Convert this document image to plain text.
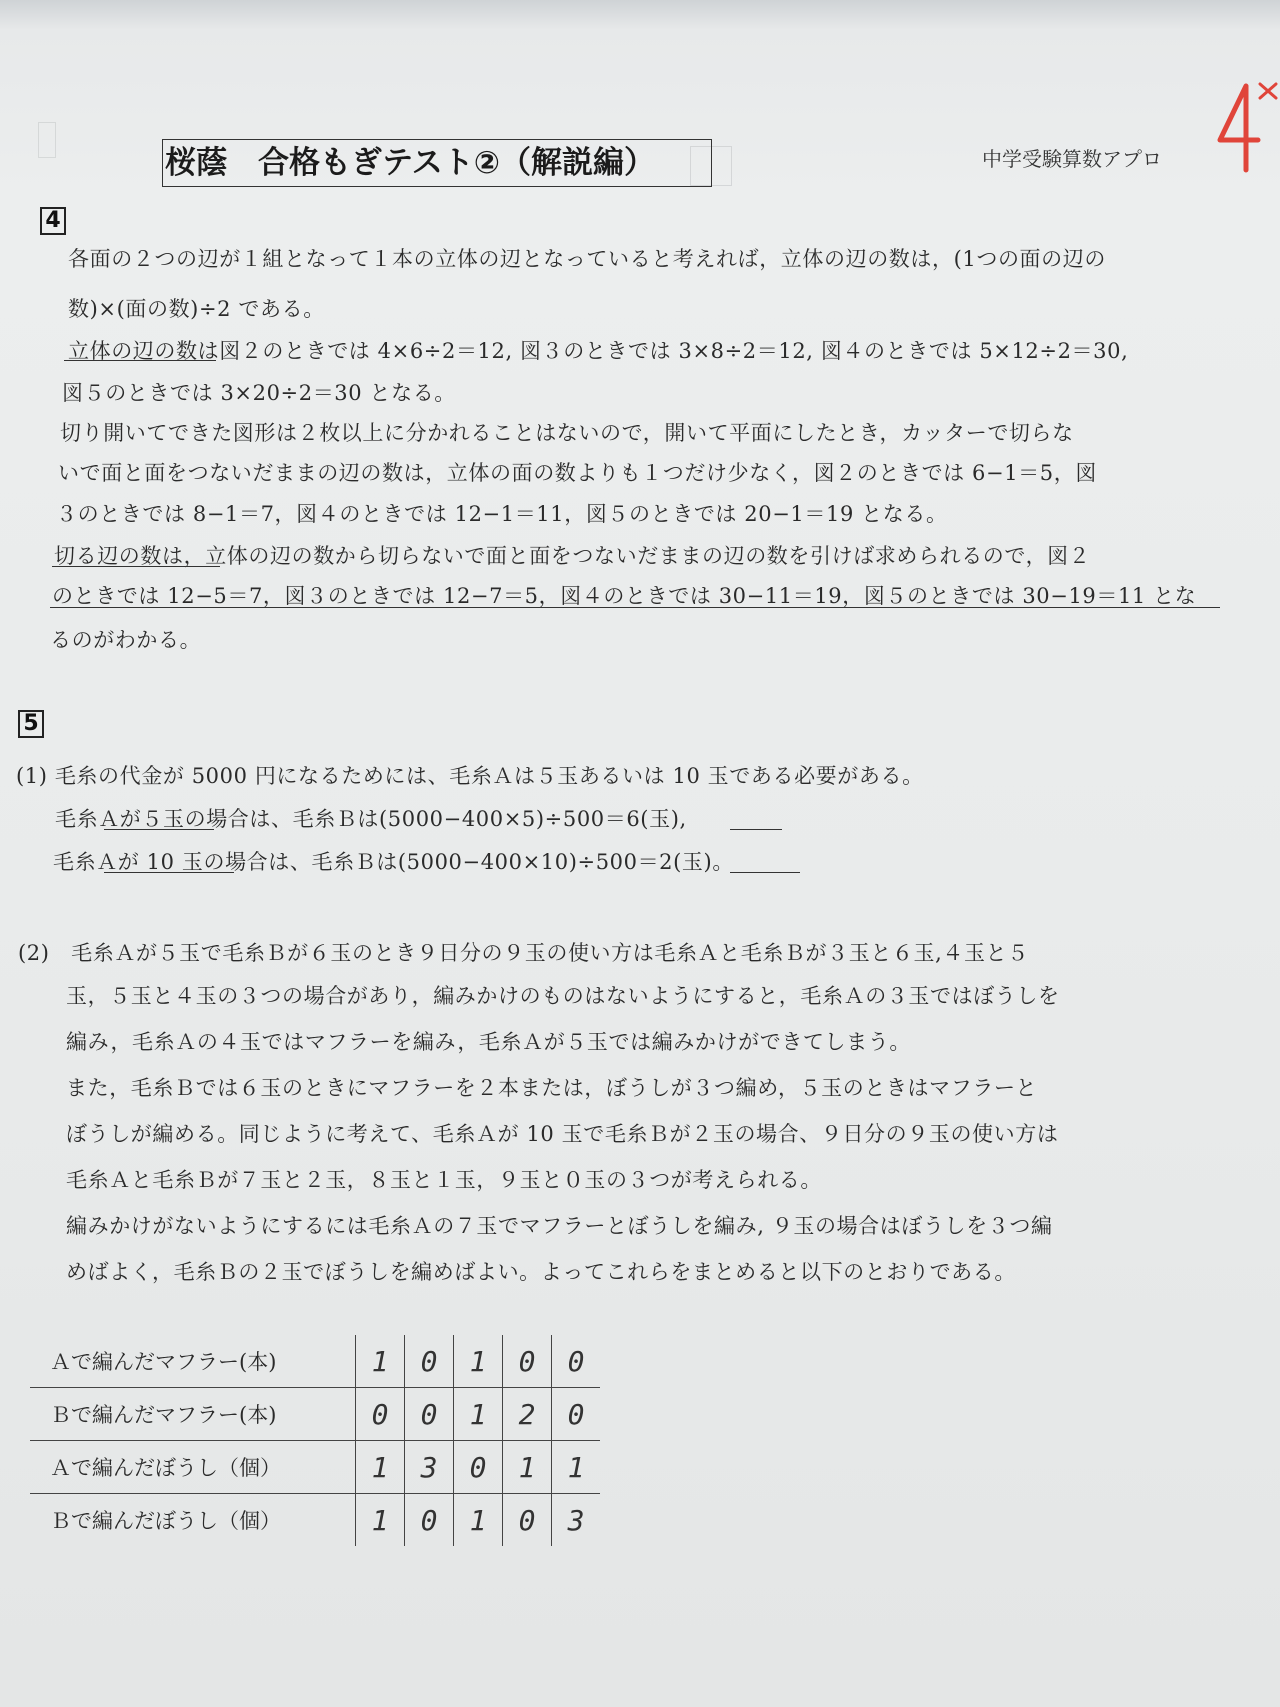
桜蔭　合格もぎテスト②（解説編）	中学受験算数アプロ
4
各面の２つの辺が１組となって１本の立体の辺となっていると考えれば，立体の辺の数は，(1つの面の辺の
数)×(面の数)÷2 である。
立体の辺の数は図２のときでは 4×6÷2＝12, 図３のときでは 3×8÷2＝12, 図４のときでは 5×12÷2＝30,
図５のときでは 3×20÷2＝30 となる。
切り開いてできた図形は２枚以上に分かれることはないので，開いて平面にしたとき，カッターで切らな
いで面と面をつないだままの辺の数は，立体の面の数よりも１つだけ少なく，図２のときでは 6−1＝5，図
３のときでは 8−1＝7，図４のときでは 12−1＝11，図５のときでは 20−1＝19 となる。
切る辺の数は，立体の辺の数から切らないで面と面をつないだままの辺の数を引けば求められるので，図２
のときでは 12−5＝7，図３のときでは 12−7＝5，図４のときでは 30−11＝19，図５のときでは 30−19＝11 とな
るのがわかる。
5
(1) 毛糸の代金が 5000 円になるためには、毛糸Ａは５玉あるいは 10 玉である必要がある。
毛糸Ａが５玉の場合は、毛糸Ｂは(5000−400×5)÷500＝6(玉),
毛糸Ａが 10 玉の場合は、毛糸Ｂは(5000−400×10)÷500＝2(玉)。
(2)　毛糸Ａが５玉で毛糸Ｂが６玉のとき９日分の９玉の使い方は毛糸Ａと毛糸Ｂが３玉と６玉,４玉と５
玉，５玉と４玉の３つの場合があり，編みかけのものはないようにすると，毛糸Ａの３玉ではぼうしを
編み，毛糸Ａの４玉ではマフラーを編み，毛糸Ａが５玉では編みかけができてしまう。
また，毛糸Ｂでは６玉のときにマフラーを２本または，ぼうしが３つ編め，５玉のときはマフラーと
ぼうしが編める。同じように考えて、毛糸Ａが 10 玉で毛糸Ｂが２玉の場合、９日分の９玉の使い方は
毛糸Ａと毛糸Ｂが７玉と２玉，８玉と１玉，９玉と０玉の３つが考えられる。
編みかけがないようにするには毛糸Ａの７玉でマフラーとぼうしを編み, ９玉の場合はぼうしを３つ編
めばよく，毛糸Ｂの２玉でぼうしを編めばよい。よってこれらをまとめると以下のとおりである。
Ａで編んだマフラー(本)	1	0	1	0	0
Ｂで編んだマフラー(本)	0	0	1	2	0
Ａで編んだぼうし（個）	1	3	0	1	1
Ｂで編んだぼうし（個）	1	0	1	0	3
